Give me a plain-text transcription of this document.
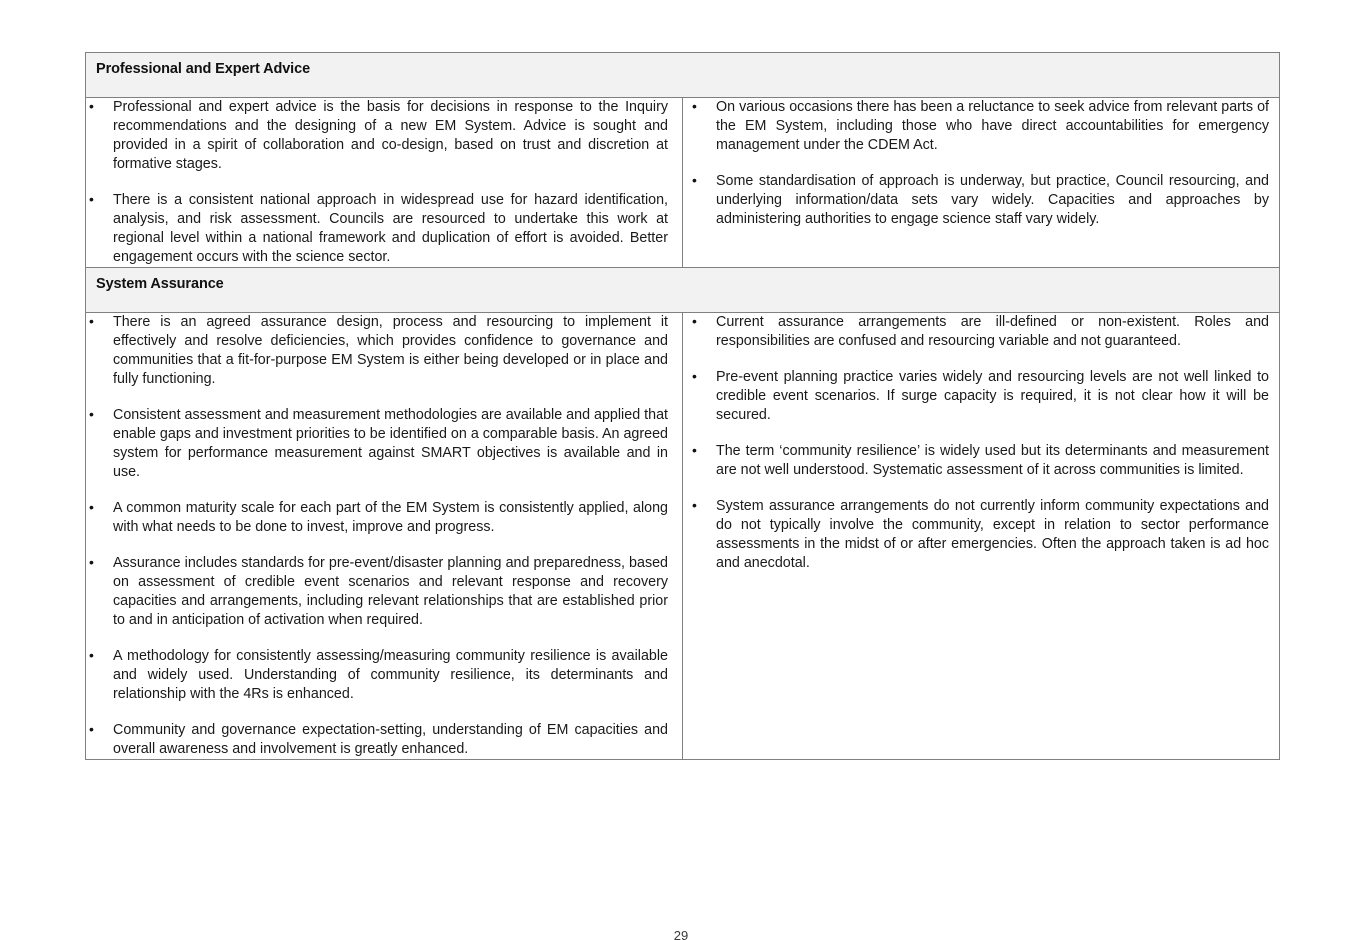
Professional and Expert Advice	

• Professional and expert advice is the basis for decisions in response to the Inquiry recommendations and the designing of a new EM System. Advice is sought and provided in a spirit of collaboration and co-design, based on trust and discretion at formative stages.
• There is a consistent national approach in widespread use for hazard identification, analysis, and risk assessment. Councils are resourced to undertake this work at regional level within a national framework and duplication of effort is avoided. Better engagement occurs with the science sector.

• On various occasions there has been a reluctance to seek advice from relevant parts of the EM System, including those who have direct accountabilities for emergency management under the CDEM Act.
• Some standardisation of approach is underway, but practice, Council resourcing, and underlying information/data sets vary widely. Capacities and approaches by administering authorities to engage science staff vary widely.

System Assurance	

• There is an agreed assurance design, process and resourcing to implement it effectively and resolve deficiencies, which provides confidence to governance and communities that a fit-for-purpose EM System is either being developed or in place and fully functioning.
• Consistent assessment and measurement methodologies are available and applied that enable gaps and investment priorities to be identified on a comparable basis. An agreed system for performance measurement against SMART objectives is available and in use.
• A common maturity scale for each part of the EM System is consistently applied, along with what needs to be done to invest, improve and progress.
• Assurance includes standards for pre-event/disaster planning and preparedness, based on assessment of credible event scenarios and relevant response and recovery capacities and arrangements, including relevant relationships that are established prior to and in anticipation of activation when required.
• A methodology for consistently assessing/measuring community resilience is available and widely used. Understanding of community resilience, its determinants and relationship with the 4Rs is enhanced.
• Community and governance expectation-setting, understanding of EM capacities and overall awareness and involvement is greatly enhanced.

• Current assurance arrangements are ill-defined or non-existent. Roles and responsibilities are confused and resourcing variable and not guaranteed.
• Pre-event planning practice varies widely and resourcing levels are not well linked to credible event scenarios. If surge capacity is required, it is not clear how it will be secured.
• The term ‘community resilience’ is widely used but its determinants and measurement are not well understood. Systematic assessment of it across communities is limited.
• System assurance arrangements do not currently inform community expectations and do not typically involve the community, except in relation to sector performance assessments in the midst of or after emergencies. Often the approach taken is ad hoc and anecdotal.
29
